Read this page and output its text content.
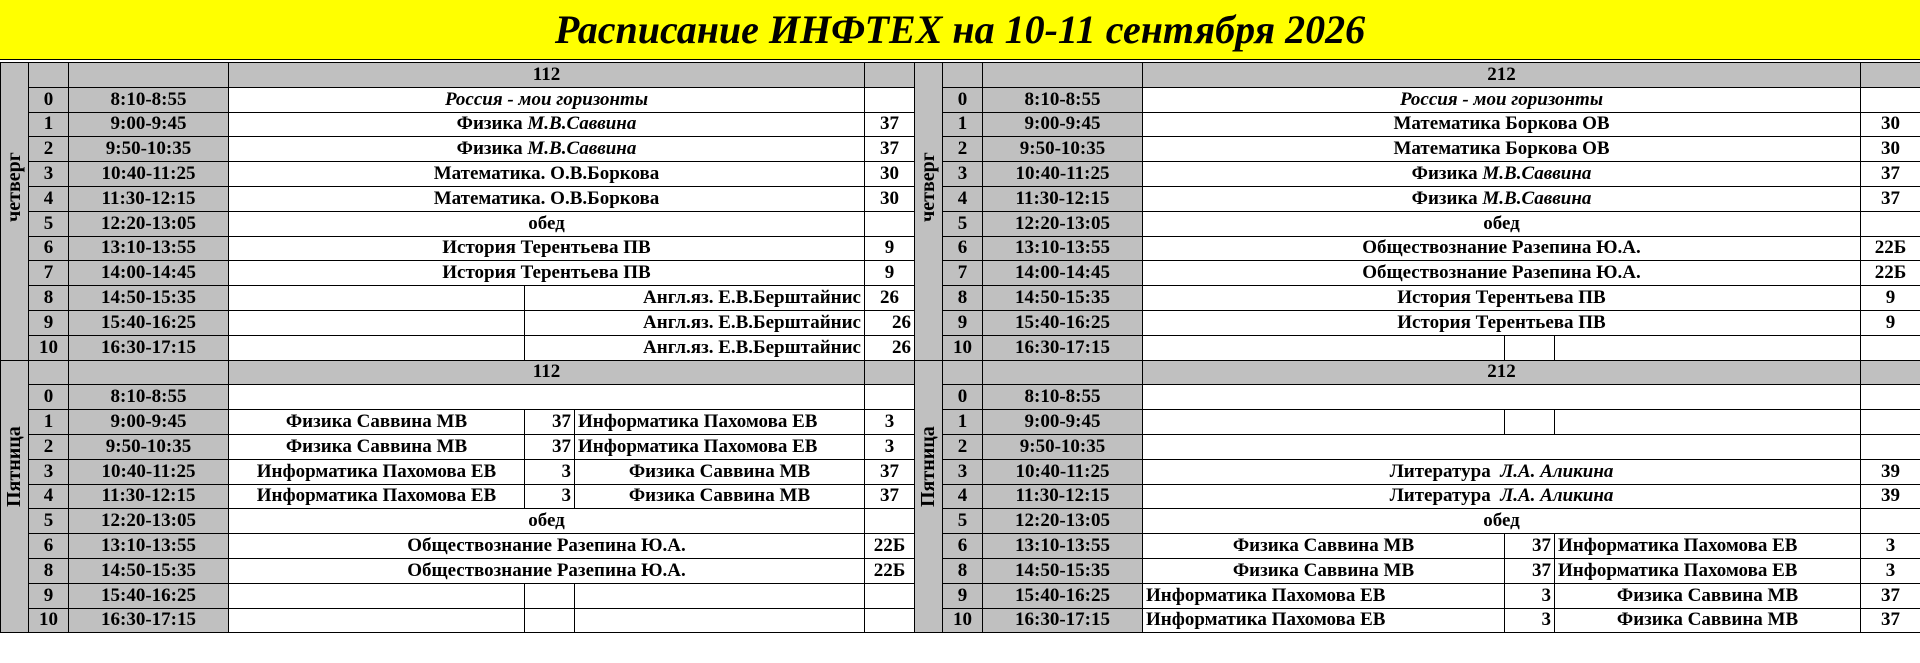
Расписание ИНФТЕХ на 10-11 сентября 2026
четверг			112			
	0	8:10-8:55	Россия - мои горизонты			
	1	9:00-9:45	Физика М.В.Саввина			37
	2	9:50-10:35	Физика М.В.Саввина			37
	3	10:40-11:25	Математика. О.В.Боркова			30
	4	11:30-12:15	Математика. О.В.Боркова			30
	5	12:20-13:05	обед			
	6	13:10-13:55	История Терентьева ПВ			9
	7	14:00-14:45	История Терентьева ПВ			9
	8	14:50-15:35		Англ.яз. Е.В.Берштайнис		26
	9	15:40-16:25		Англ.яз. Е.В.Берштайнис		26
	10	16:30-17:15		Англ.яз. Е.В.Берштайнис		26

Пятница			112			
	0	8:10-8:55				
	1	9:00-9:45	Физика Саввина МВ	37	Информатика Пахомова ЕВ	3
	2	9:50-10:35	Физика Саввина МВ	37	Информатика Пахомова ЕВ	3
	3	10:40-11:25	Информатика Пахомова ЕВ	3	Физика Саввина МВ	37
	4	11:30-12:15	Информатика Пахомова ЕВ	3	Физика Саввина МВ	37
	5	12:20-13:05	обед			
	6	13:10-13:55	Обществознание Разепина Ю.А.			22Б
	8	14:50-15:35	Обществознание Разепина Ю.А.			22Б
	9	15:40-16:25				
	10	16:30-17:15				
четверг			212			
	0	8:10-8:55	Россия - мои горизонты			
	1	9:00-9:45	Математика Боркова ОВ			30
	2	9:50-10:35	Математика Боркова ОВ			30
	3	10:40-11:25	Физика М.В.Саввина			37
	4	11:30-12:15	Физика М.В.Саввина			37
	5	12:20-13:05	обед			
	6	13:10-13:55	Обществознание Разепина Ю.А.			22Б
	7	14:00-14:45	Обществознание Разепина Ю.А.			22Б
	8	14:50-15:35	История Терентьева ПВ			9
	9	15:40-16:25	История Терентьева ПВ			9
	10	16:30-17:15				

Пятница			212			
	0	8:10-8:55				
	1	9:00-9:45				
	2	9:50-10:35				
	3	10:40-11:25	Литература Л.А. Аликина			39
	4	11:30-12:15	Литература Л.А. Аликина			39
	5	12:20-13:05	обед			
	6	13:10-13:55	Физика Саввина МВ	37	Информатика Пахомова ЕВ	3
	8	14:50-15:35	Физика Саввина МВ	37	Информатика Пахомова ЕВ	3
	9	15:40-16:25	Информатика Пахомова ЕВ	3	Физика Саввина МВ	37
	10	16:30-17:15	Информатика Пахомова ЕВ	3	Физика Саввина МВ	37
